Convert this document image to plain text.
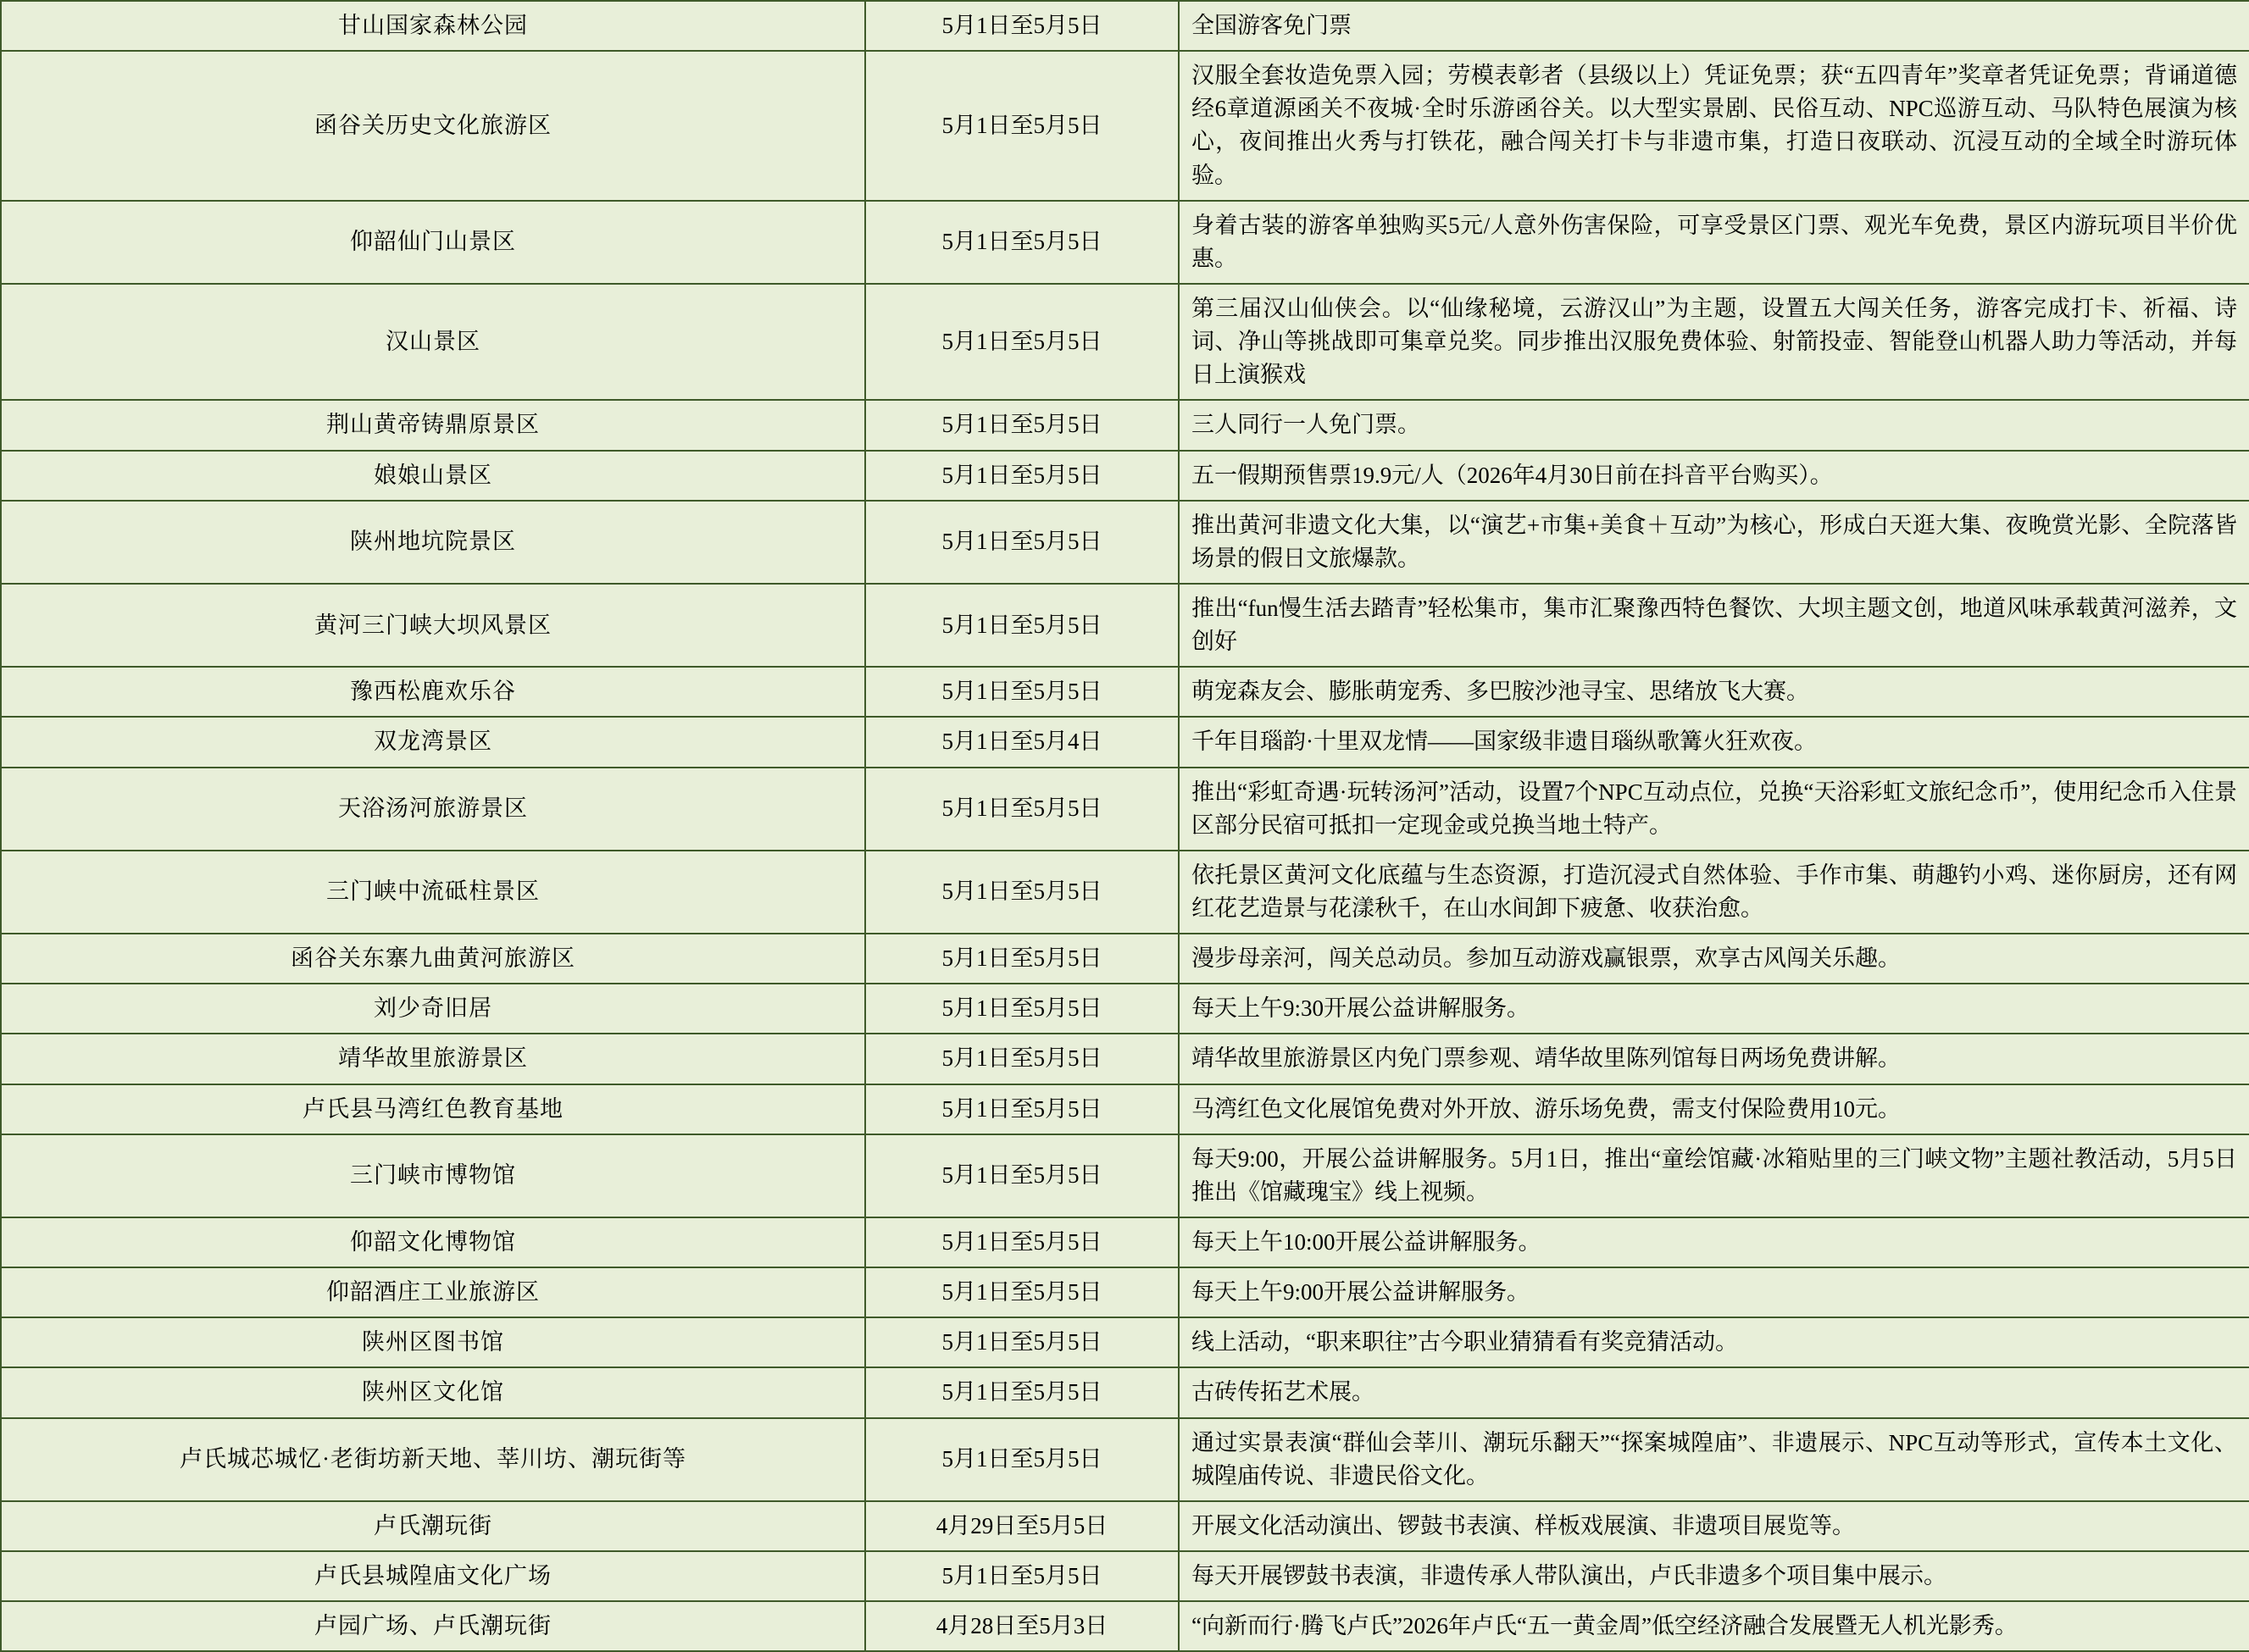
甘山国家森林公园	5月1日至5月5日	全国游客免门票
函谷关历史文化旅游区	5月1日至5月5日	汉服全套妆造免票入园；劳模表彰者（县级以上）凭证免票；获“五四青年”奖章者凭证免票；背诵道德经6章道源函关不夜城·全时乐游函谷关。以大型实景剧、民俗互动、NPC巡游互动、马队特色展演为核心，夜间推出火秀与打铁花，融合闯关打卡与非遗市集，打造日夜联动、沉浸互动的全域全时游玩体验。
仰韶仙门山景区	5月1日至5月5日	身着古装的游客单独购买5元/人意外伤害保险，可享受景区门票、观光车免费，景区内游玩项目半价优惠。
汉山景区	5月1日至5月5日	第三届汉山仙侠会。以“仙缘秘境，云游汉山”为主题，设置五大闯关任务，游客完成打卡、祈福、诗词、净山等挑战即可集章兑奖。同步推出汉服免费体验、射箭投壶、智能登山机器人助力等活动，并每日上演猴戏
荆山黄帝铸鼎原景区	5月1日至5月5日	三人同行一人免门票。
娘娘山景区	5月1日至5月5日	五一假期预售票19.9元/人（2026年4月30日前在抖音平台购买）。
陕州地坑院景区	5月1日至5月5日	推出黄河非遗文化大集，以“演艺+市集+美食＋互动”为核心，形成白天逛大集、夜晚赏光影、全院落皆场景的假日文旅爆款。
黄河三门峡大坝风景区	5月1日至5月5日	推出“fun慢生活去踏青”轻松集市，集市汇聚豫西特色餐饮、大坝主题文创，地道风味承载黄河滋养，文创好
豫西松鹿欢乐谷	5月1日至5月5日	萌宠森友会、膨胀萌宠秀、多巴胺沙池寻宝、思绪放飞大赛。
双龙湾景区	5月1日至5月4日	千年目瑙韵·十里双龙情——国家级非遗目瑙纵歌篝火狂欢夜。
天浴汤河旅游景区	5月1日至5月5日	推出“彩虹奇遇·玩转汤河”活动，设置7个NPC互动点位，兑换“天浴彩虹文旅纪念币”，使用纪念币入住景区部分民宿可抵扣一定现金或兑换当地土特产。
三门峡中流砥柱景区	5月1日至5月5日	依托景区黄河文化底蕴与生态资源，打造沉浸式自然体验、手作市集、萌趣钓小鸡、迷你厨房，还有网红花艺造景与花漾秋千，在山水间卸下疲惫、收获治愈。
函谷关东寨九曲黄河旅游区	5月1日至5月5日	漫步母亲河，闯关总动员。参加互动游戏赢银票，欢享古风闯关乐趣。
刘少奇旧居	5月1日至5月5日	每天上午9:30开展公益讲解服务。
靖华故里旅游景区	5月1日至5月5日	靖华故里旅游景区内免门票参观、靖华故里陈列馆每日两场免费讲解。
卢氏县马湾红色教育基地	5月1日至5月5日	马湾红色文化展馆免费对外开放、游乐场免费，需支付保险费用10元。
三门峡市博物馆	5月1日至5月5日	每天9:00，开展公益讲解服务。5月1日，推出“童绘馆藏·冰箱贴里的三门峡文物”主题社教活动，5月5日推出《馆藏瑰宝》线上视频。
仰韶文化博物馆	5月1日至5月5日	每天上午10:00开展公益讲解服务。
仰韶酒庄工业旅游区	5月1日至5月5日	每天上午9:00开展公益讲解服务。
陕州区图书馆	5月1日至5月5日	线上活动，“职来职往”古今职业猜猜看有奖竞猜活动。
陕州区文化馆	5月1日至5月5日	古砖传拓艺术展。
卢氏城芯城忆·老街坊新天地、莘川坊、潮玩街等	5月1日至5月5日	通过实景表演“群仙会莘川、潮玩乐翻天”“探案城隍庙”、非遗展示、NPC互动等形式，宣传本土文化、城隍庙传说、非遗民俗文化。
卢氏潮玩街	4月29日至5月5日	开展文化活动演出、锣鼓书表演、样板戏展演、非遗项目展览等。
卢氏县城隍庙文化广场	5月1日至5月5日	每天开展锣鼓书表演，非遗传承人带队演出，卢氏非遗多个项目集中展示。
卢园广场、卢氏潮玩街	4月28日至5月3日	“向新而行·腾飞卢氏”2026年卢氏“五一黄金周”低空经济融合发展暨无人机光影秀。
